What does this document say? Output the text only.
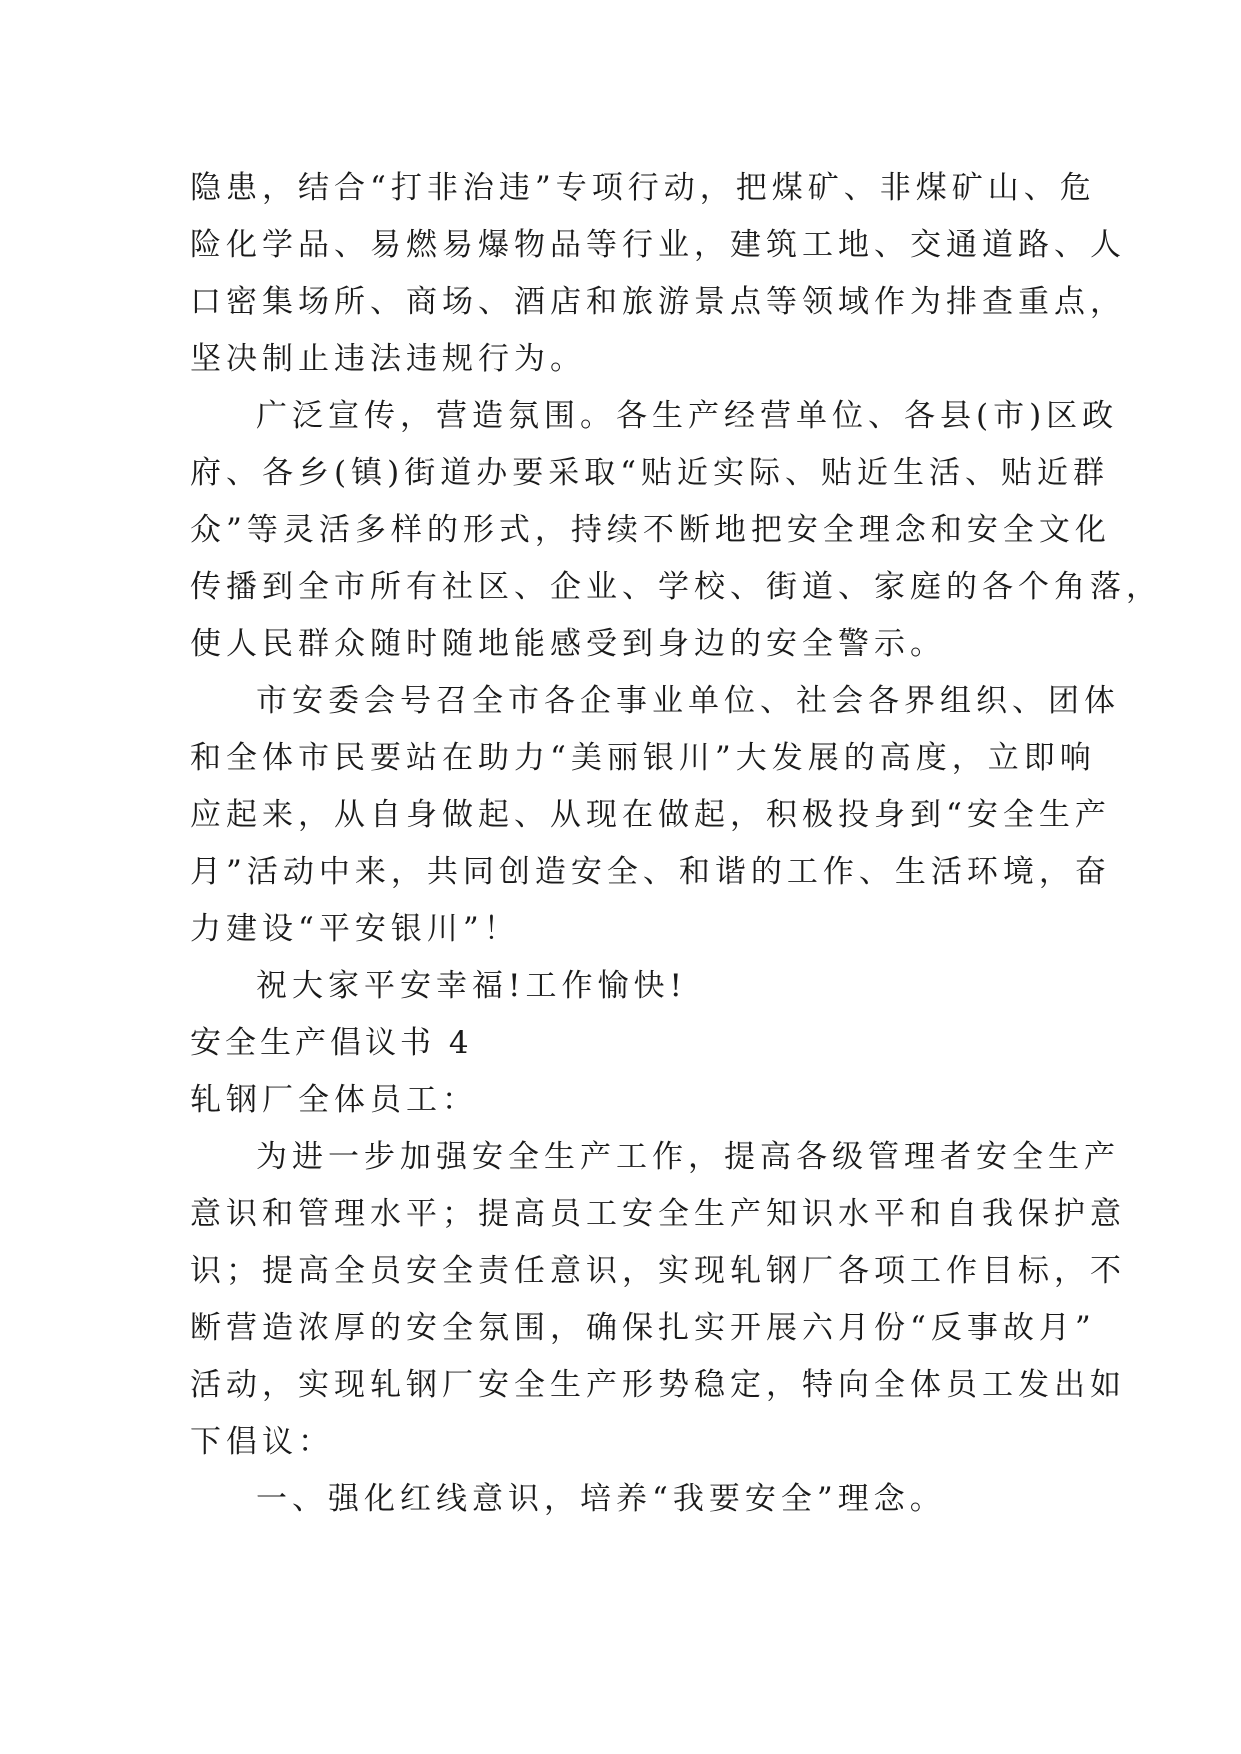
隐患，结合“打非治违”专项行动，把煤矿、非煤矿山、危
险化学品、易燃易爆物品等行业，建筑工地、交通道路、人
口密集场所、商场、酒店和旅游景点等领域作为排查重点，
坚决制止违法违规行为。
广泛宣传，营造氛围。各生产经营单位、各县(市)区政
府、各乡(镇)街道办要采取“贴近实际、贴近生活、贴近群
众”等灵活多样的形式，持续不断地把安全理念和安全文化
传播到全市所有社区、企业、学校、街道、家庭的各个角落，
使人民群众随时随地能感受到身边的安全警示。
市安委会号召全市各企事业单位、社会各界组织、团体
和全体市民要站在助力“美丽银川”大发展的高度，立即响
应起来，从自身做起、从现在做起，积极投身到“安全生产
月”活动中来，共同创造安全、和谐的工作、生活环境，奋
力建设“平安银川”！
祝大家平安幸福!工作愉快!
安全生产倡议书 4
轧钢厂全体员工：
为进一步加强安全生产工作，提高各级管理者安全生产
意识和管理水平；提高员工安全生产知识水平和自我保护意
识；提高全员安全责任意识，实现轧钢厂各项工作目标，不
断营造浓厚的安全氛围，确保扎实开展六月份“反事故月”
活动，实现轧钢厂安全生产形势稳定，特向全体员工发出如
下倡议：
一、强化红线意识，培养“我要安全”理念。
